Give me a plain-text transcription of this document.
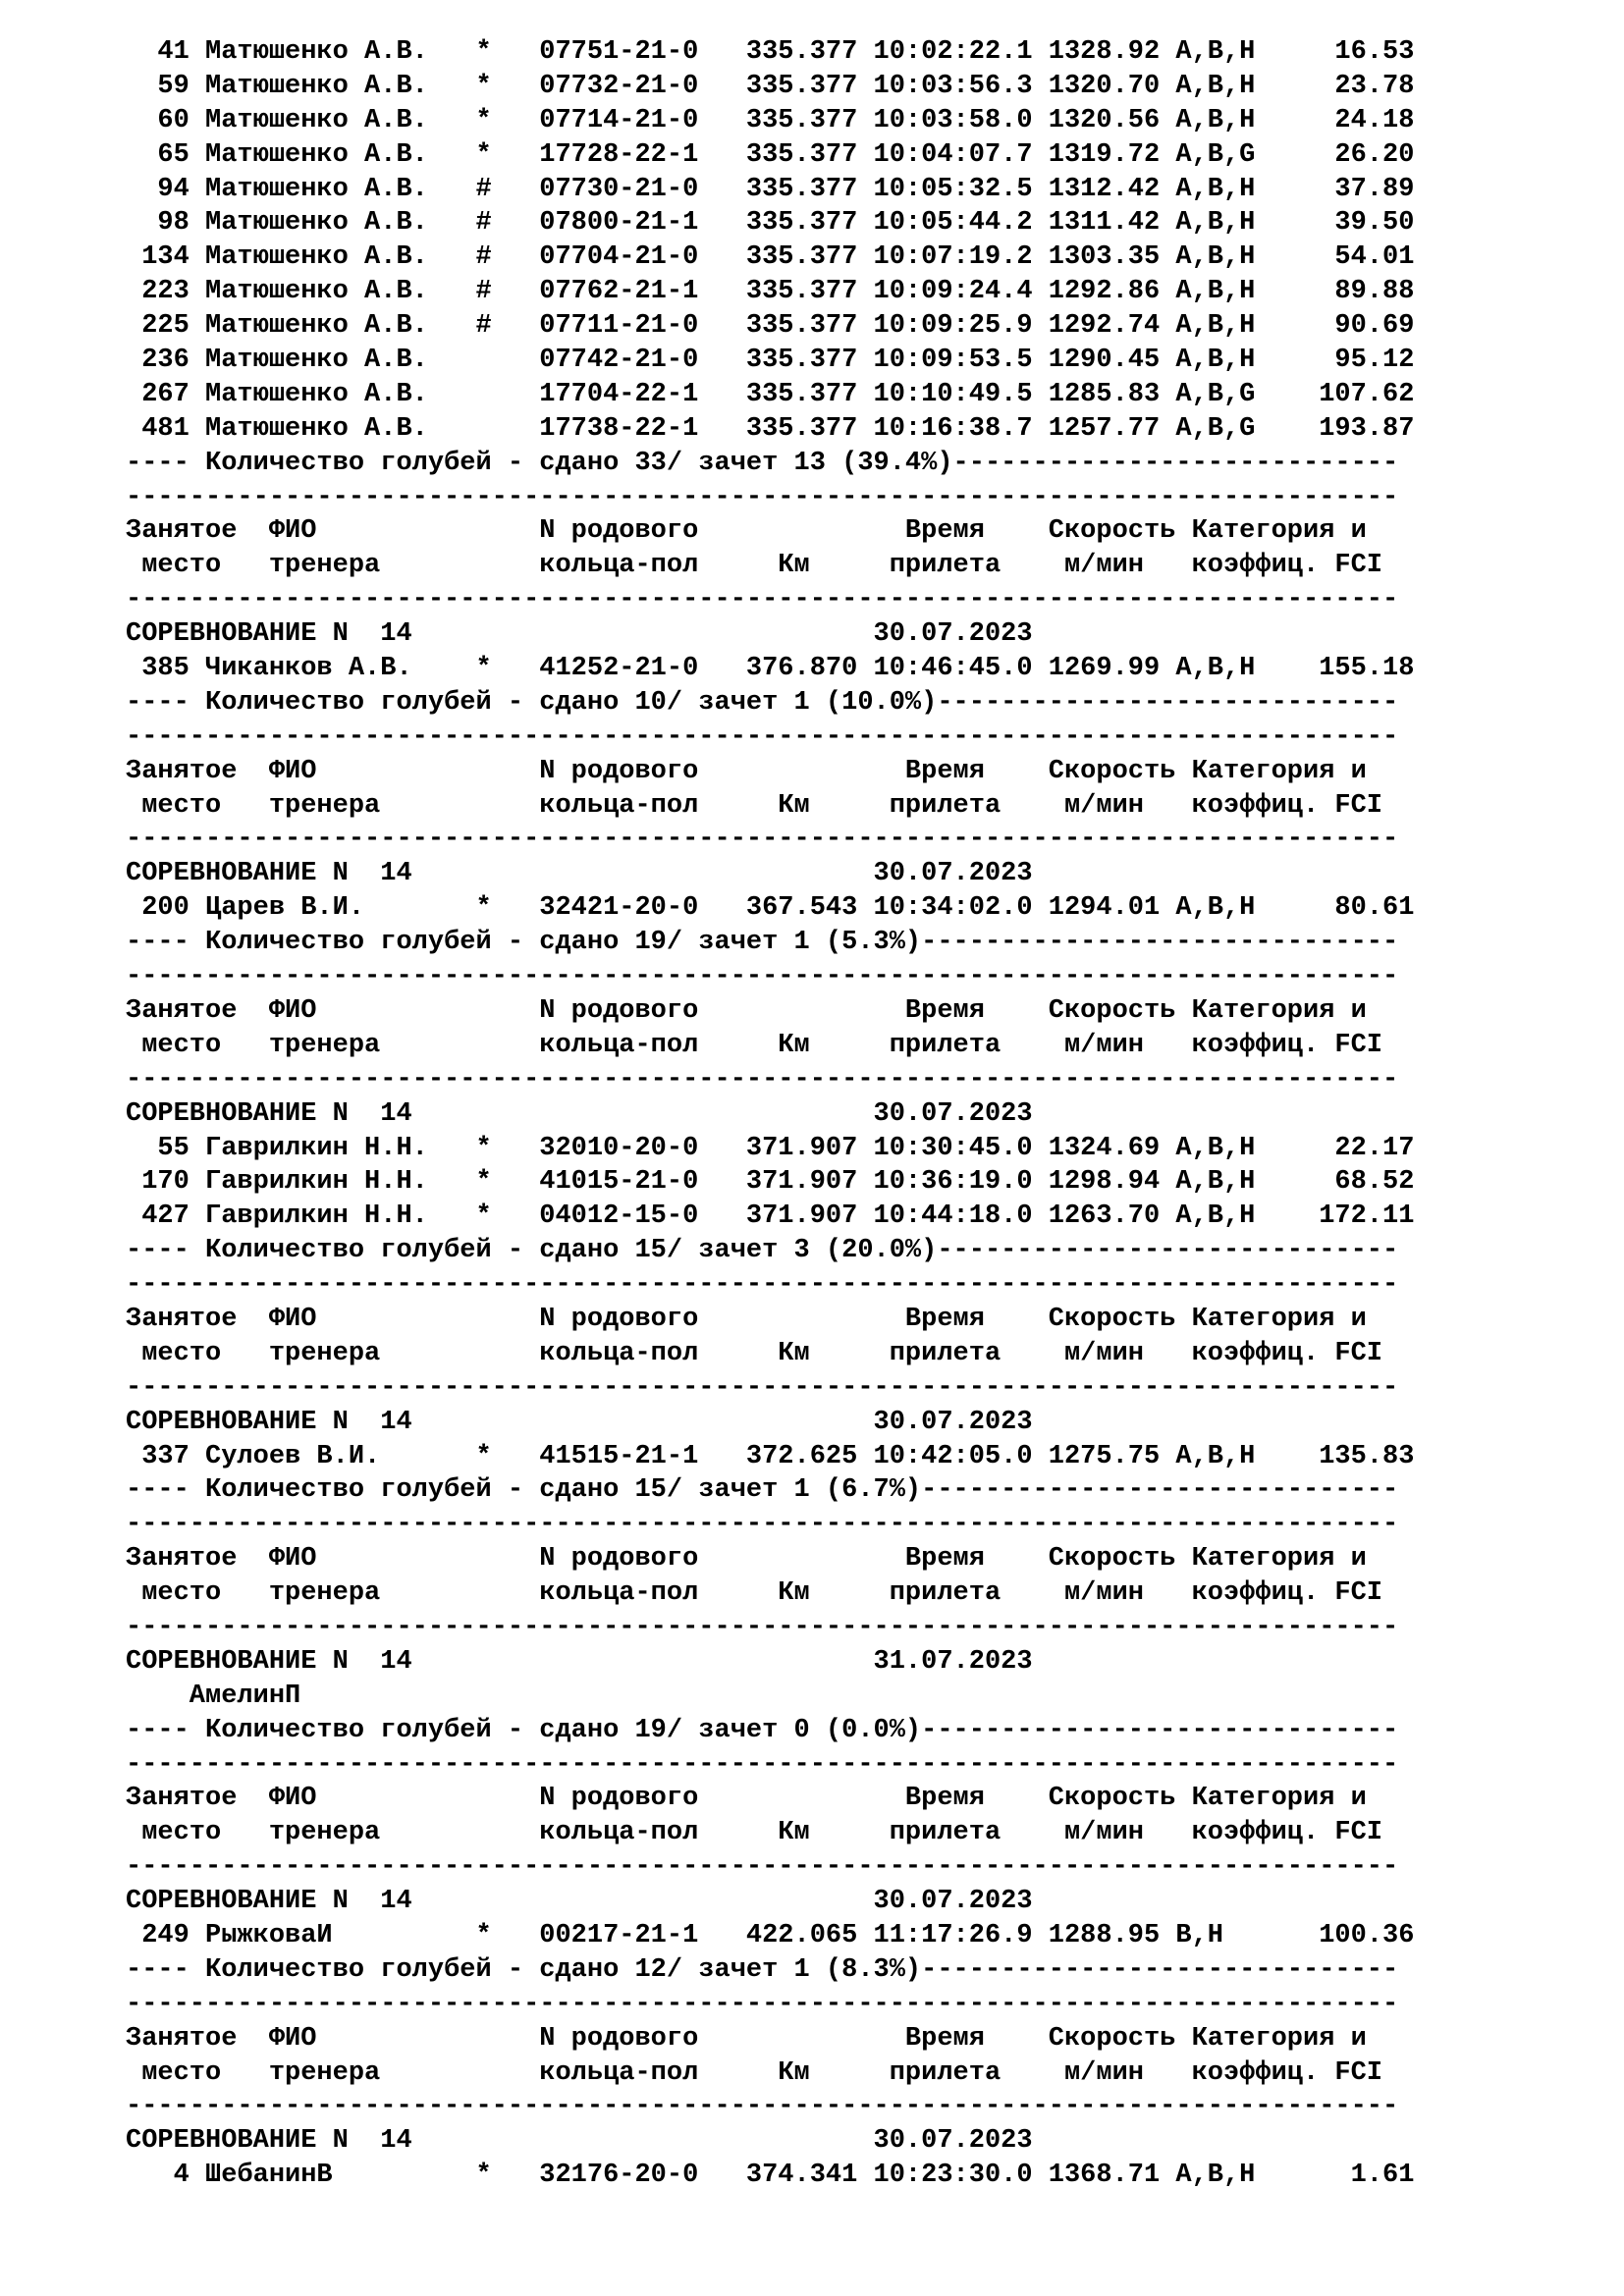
41 Матюшенко А.В.   *   07751-21-0   335.377 10:02:22.1 1328.92 A,B,H     16.53
59 Матюшенко А.В.   *   07732-21-0   335.377 10:03:56.3 1320.70 A,B,H     23.78
60 Матюшенко А.В.   *   07714-21-0   335.377 10:03:58.0 1320.56 A,B,H     24.18
65 Матюшенко А.В.   *   17728-22-1   335.377 10:04:07.7 1319.72 A,B,G     26.20
94 Матюшенко А.В.   #   07730-21-0   335.377 10:05:32.5 1312.42 A,B,H     37.89
98 Матюшенко А.В.   #   07800-21-1   335.377 10:05:44.2 1311.42 A,B,H     39.50
134 Матюшенко А.В.   #   07704-21-0   335.377 10:07:19.2 1303.35 A,B,H     54.01
223 Матюшенко А.В.   #   07762-21-1   335.377 10:09:24.4 1292.86 A,B,H     89.88
225 Матюшенко А.В.   #   07711-21-0   335.377 10:09:25.9 1292.74 A,B,H     90.69
236 Матюшенко А.В.       07742-21-0   335.377 10:09:53.5 1290.45 A,B,H     95.12
267 Матюшенко А.В.       17704-22-1   335.377 10:10:49.5 1285.83 A,B,G    107.62
481 Матюшенко А.В.       17738-22-1   335.377 10:16:38.7 1257.77 A,B,G    193.87
---- Количество голубей - сдано 33/ зачет 13 (39.4%)----------------------------
--------------------------------------------------------------------------------
Занятое  ФИО              N родового             Время    Скорость Категория и
место   тренера          кольца-пол     Км     прилета    м/мин   коэффиц. FCI
--------------------------------------------------------------------------------
СОРЕВНОВАНИЕ N  14                             30.07.2023
385 Чиканков А.В.    *   41252-21-0   376.870 10:46:45.0 1269.99 A,B,H    155.18
---- Количество голубей - сдано 10/ зачет 1 (10.0%)-----------------------------
--------------------------------------------------------------------------------
Занятое  ФИО              N родового             Время    Скорость Категория и
место   тренера          кольца-пол     Км     прилета    м/мин   коэффиц. FCI
--------------------------------------------------------------------------------
СОРЕВНОВАНИЕ N  14                             30.07.2023
200 Царев В.И.       *   32421-20-0   367.543 10:34:02.0 1294.01 A,B,H     80.61
---- Количество голубей - сдано 19/ зачет 1 (5.3%)------------------------------
--------------------------------------------------------------------------------
Занятое  ФИО              N родового             Время    Скорость Категория и
место   тренера          кольца-пол     Км     прилета    м/мин   коэффиц. FCI
--------------------------------------------------------------------------------
СОРЕВНОВАНИЕ N  14                             30.07.2023
55 Гаврилкин Н.Н.   *   32010-20-0   371.907 10:30:45.0 1324.69 A,B,H     22.17
170 Гаврилкин Н.Н.   *   41015-21-0   371.907 10:36:19.0 1298.94 A,B,H     68.52
427 Гаврилкин Н.Н.   *   04012-15-0   371.907 10:44:18.0 1263.70 A,B,H    172.11
---- Количество голубей - сдано 15/ зачет 3 (20.0%)-----------------------------
--------------------------------------------------------------------------------
Занятое  ФИО              N родового             Время    Скорость Категория и
место   тренера          кольца-пол     Км     прилета    м/мин   коэффиц. FCI
--------------------------------------------------------------------------------
СОРЕВНОВАНИЕ N  14                             30.07.2023
337 Сулоев В.И.      *   41515-21-1   372.625 10:42:05.0 1275.75 A,B,H    135.83
---- Количество голубей - сдано 15/ зачет 1 (6.7%)------------------------------
--------------------------------------------------------------------------------
Занятое  ФИО              N родового             Время    Скорость Категория и
место   тренера          кольца-пол     Км     прилета    м/мин   коэффиц. FCI
--------------------------------------------------------------------------------
СОРЕВНОВАНИЕ N  14                             31.07.2023
АмелинП
---- Количество голубей - сдано 19/ зачет 0 (0.0%)------------------------------
--------------------------------------------------------------------------------
Занятое  ФИО              N родового             Время    Скорость Категория и
место   тренера          кольца-пол     Км     прилета    м/мин   коэффиц. FCI
--------------------------------------------------------------------------------
СОРЕВНОВАНИЕ N  14                             30.07.2023
249 РыжковаИ         *   00217-21-1   422.065 11:17:26.9 1288.95 B,H      100.36
---- Количество голубей - сдано 12/ зачет 1 (8.3%)------------------------------
--------------------------------------------------------------------------------
Занятое  ФИО              N родового             Время    Скорость Категория и
место   тренера          кольца-пол     Км     прилета    м/мин   коэффиц. FCI
--------------------------------------------------------------------------------
СОРЕВНОВАНИЕ N  14                             30.07.2023
4 ШебанинВ         *   32176-20-0   374.341 10:23:30.0 1368.71 A,B,H      1.61
